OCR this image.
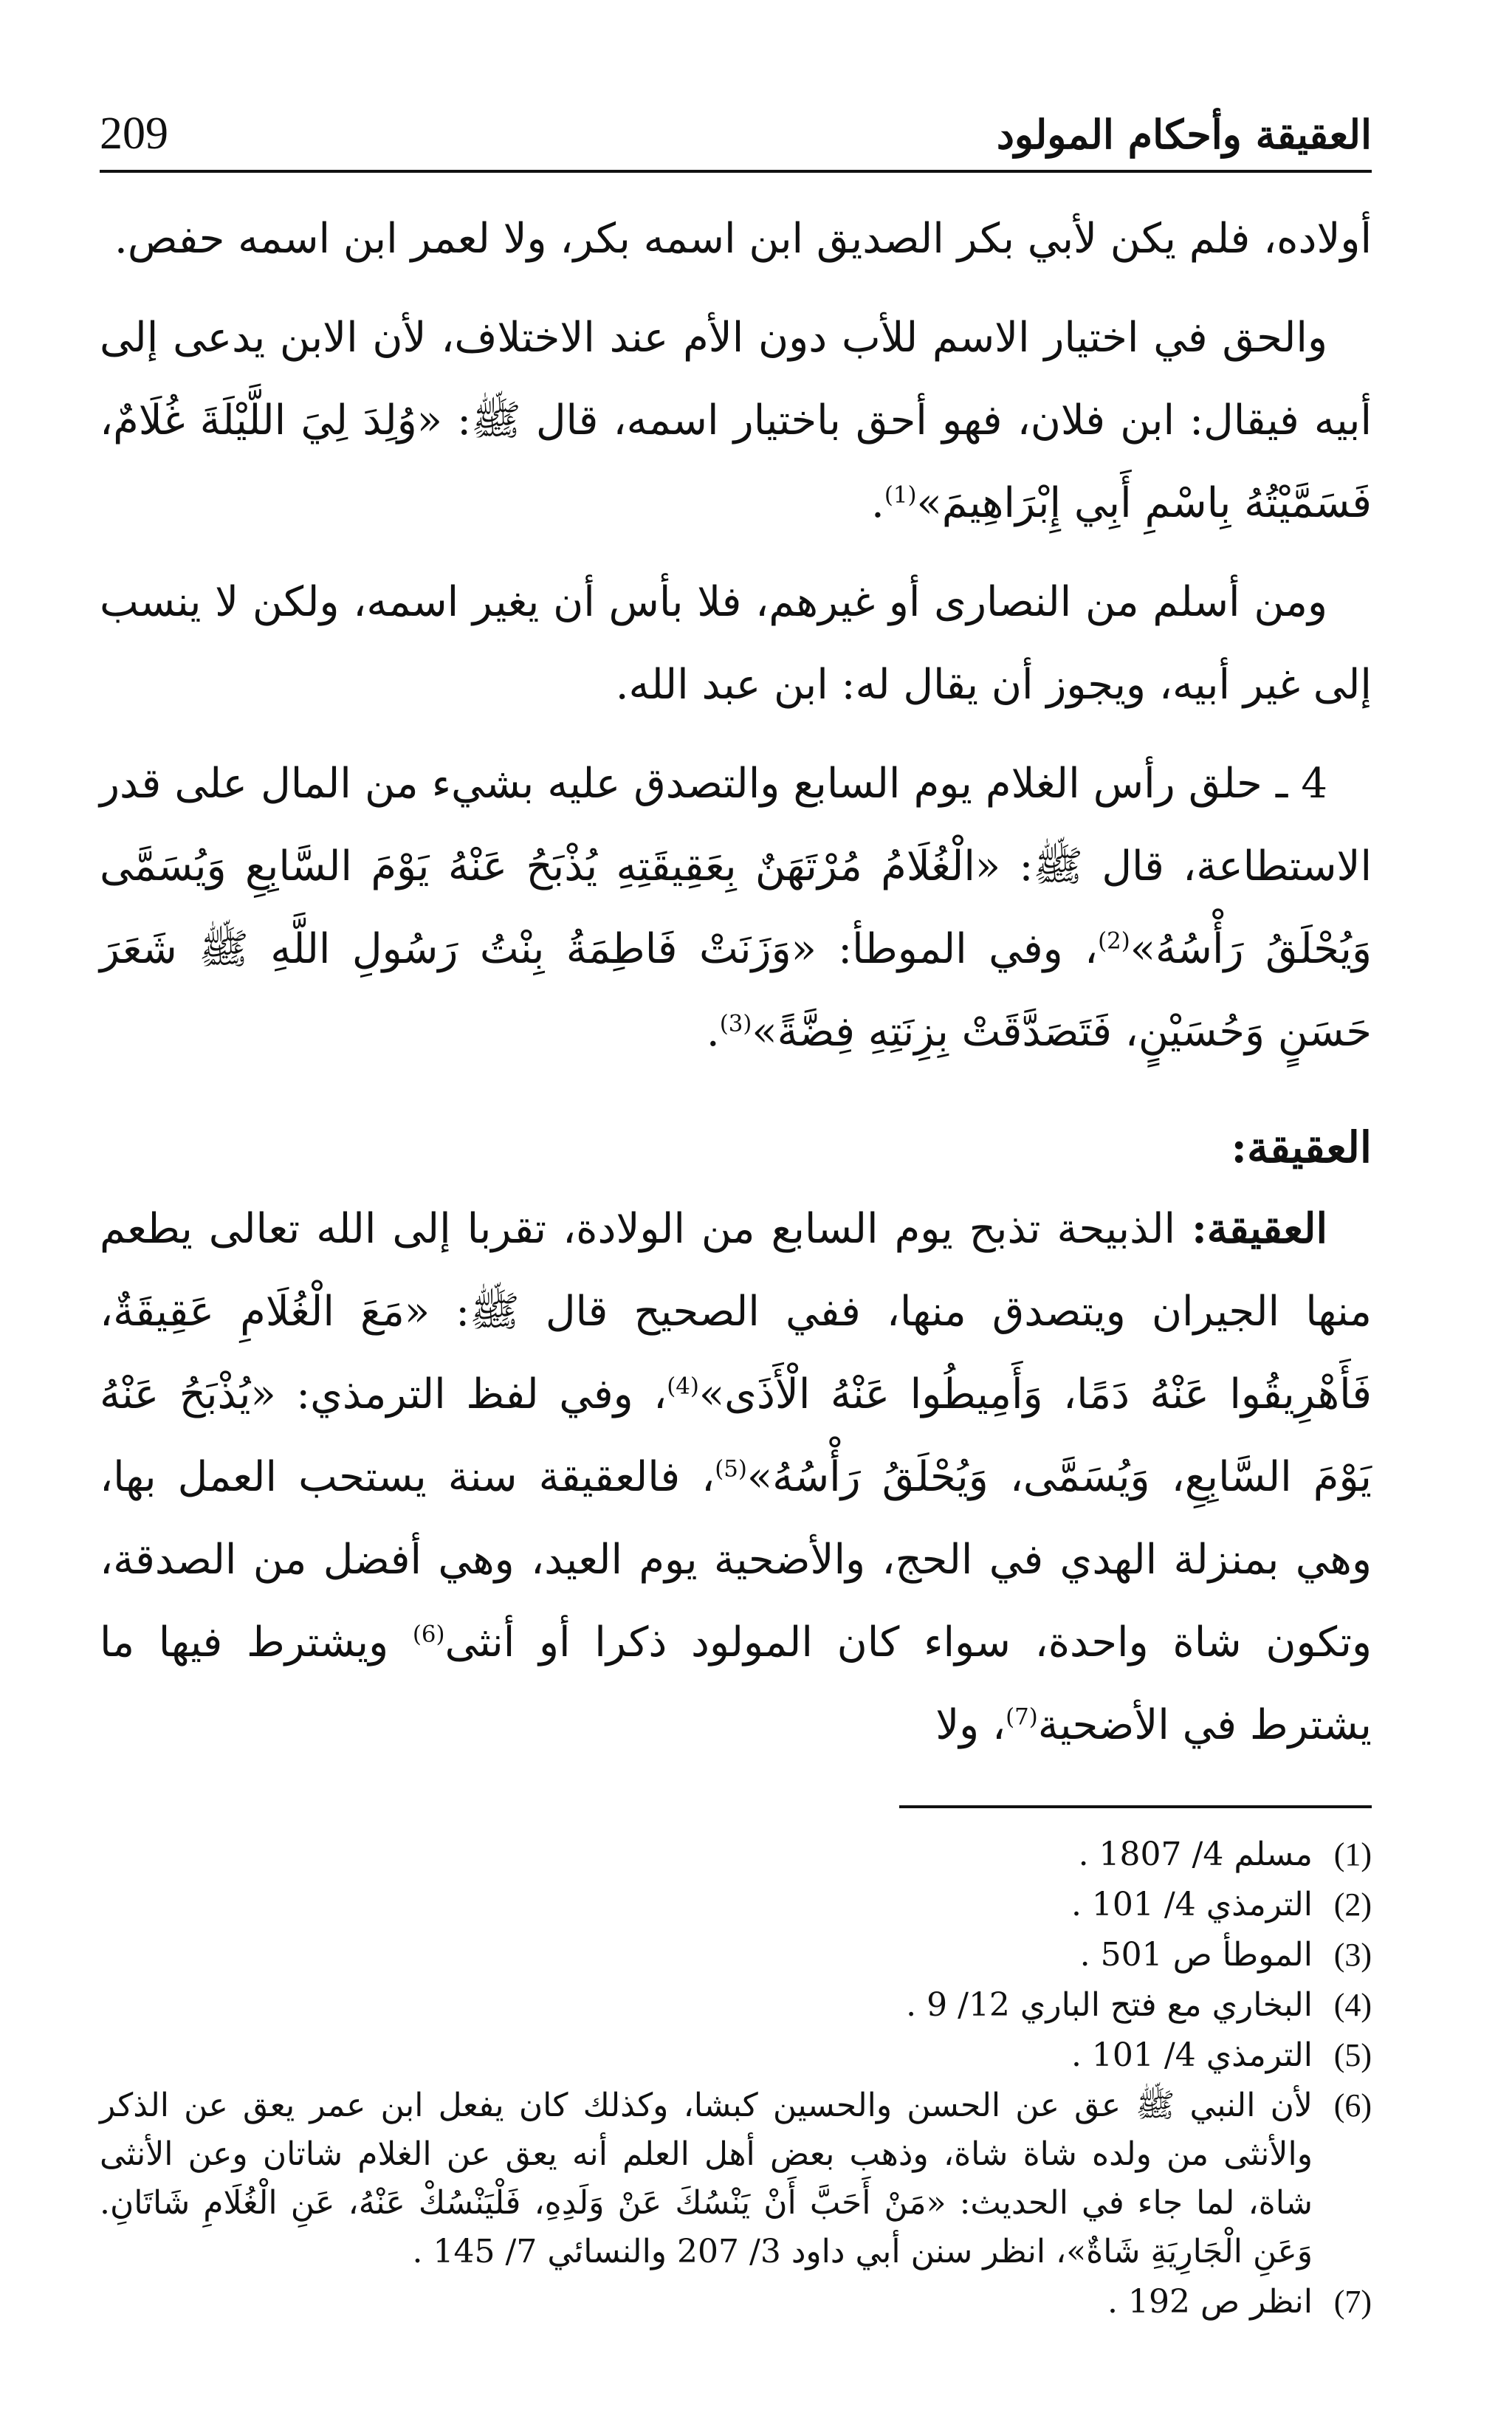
209	العقيقة وأحكام المولود

أولاده، فلم يكن لأبي بكر الصديق ابن اسمه بكر، ولا لعمر ابن اسمه حفص.

والحق في اختيار الاسم للأب دون الأم عند الاختلاف، لأن الابن يدعى إلى أبيه فيقال: ابن فلان، فهو أحق باختيار اسمه، قال ﷺ: «وُلِدَ لِيَ اللَّيْلَةَ غُلَامٌ، فَسَمَّيْتُهُ بِاسْمِ أَبِي إِبْرَاهِيمَ»$^{(1)}$.

ومن أسلم من النصارى أو غيرهم، فلا بأس أن يغير اسمه، ولكن لا ينسب إلى غير أبيه، ويجوز أن يقال له: ابن عبد الله.

4 ـ حلق رأس الغلام يوم السابع والتصدق عليه بشيء من المال على قدر الاستطاعة، قال ﷺ: «الْغُلَامُ مُرْتَهَنٌ بِعَقِيقَتِهِ يُذْبَحُ عَنْهُ يَوْمَ السَّابِعِ وَيُسَمَّى وَيُحْلَقُ رَأْسُهُ»$^{(2)}$، وفي الموطأ: «وَزَنَتْ فَاطِمَةُ بِنْتُ رَسُولِ اللَّهِ ﷺ شَعَرَ حَسَنٍ وَحُسَيْنٍ، فَتَصَدَّقَتْ بِزِنَتِهِ فِضَّةً»$^{(3)}$.

العقيقة:

العقيقة: الذبيحة تذبح يوم السابع من الولادة، تقربا إلى الله تعالى يطعم منها الجيران ويتصدق منها، ففي الصحيح قال ﷺ: «مَعَ الْغُلَامِ عَقِيقَةٌ، فَأَهْرِيقُوا عَنْهُ دَمًا، وَأَمِيطُوا عَنْهُ الْأَذَى»$^{(4)}$، وفي لفظ الترمذي: «يُذْبَحُ عَنْهُ يَوْمَ السَّابِعِ، وَيُسَمَّى، وَيُحْلَقُ رَأْسُهُ»$^{(5)}$، فالعقيقة سنة يستحب العمل بها، وهي بمنزلة الهدي في الحج، والأضحية يوم العيد، وهي أفضل من الصدقة، وتكون شاة واحدة، سواء كان المولود ذكرا أو أنثى$^{(6)}$ ويشترط فيها ما يشترط في الأضحية$^{(7)}$، ولا

(1)
مسلم 4/ 1807 .
(2)
الترمذي 4/ 101 .
(3)
الموطأ ص 501 .
(4)
البخاري مع فتح الباري 12/ 9 .
(5)
الترمذي 4/ 101 .
(6)
لأن النبي ﷺ عق عن الحسن والحسين كبشا، وكذلك كان يفعل ابن عمر يعق عن الذكر والأنثى من ولده شاة شاة، وذهب بعض أهل العلم أنه يعق عن الغلام شاتان وعن الأنثى شاة، لما جاء في الحديث: «مَنْ أَحَبَّ أَنْ يَنْسُكَ عَنْ وَلَدِهِ، فَلْيَنْسُكْ عَنْهُ، عَنِ الْغُلَامِ شَاتَانِ. وَعَنِ الْجَارِيَةِ شَاةٌ»، انظر سنن أبي داود 3/ 207 والنسائي 7/ 145 .
(7)
انظر ص 192 .
